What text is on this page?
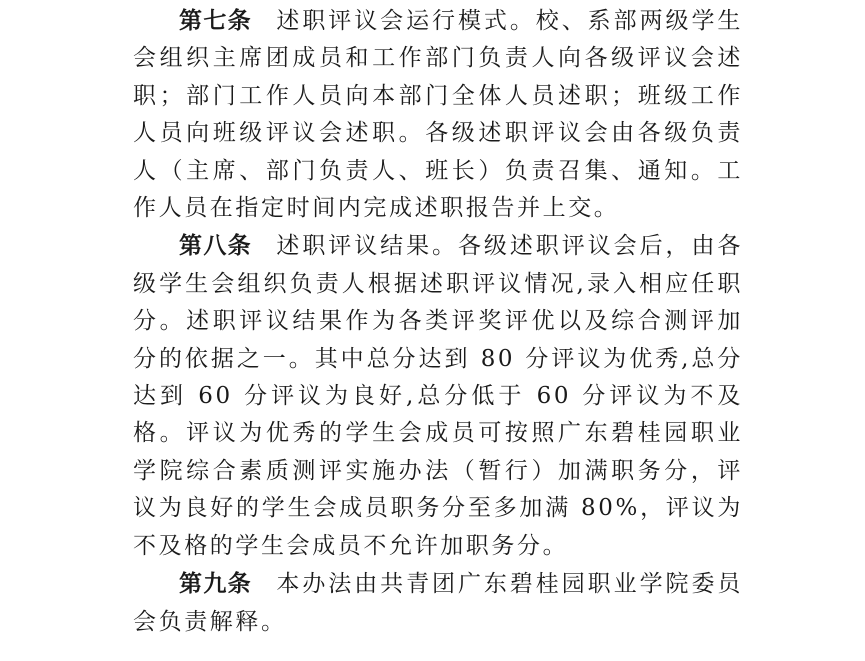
第七条 述职评议会运行模式。校、系部两级学生会组织主席团成员和工作部门负责人向各级评议会述职；部门工作人员向本部门全体人员述职；班级工作人员向班级评议会述职。各级述职评议会由各级负责人（主席、部门负责人、班长）负责召集、通知。工作人员在指定时间内完成述职报告并上交。

第八条 述职评议结果。各级述职评议会后，由各级学生会组织负责人根据述职评议情况,录入相应任职分。述职评议结果作为各类评奖评优以及综合测评加分的依据之一。其中总分达到 80 分评议为优秀,总分达到 60 分评议为良好,总分低于 60 分评议为不及格。评议为优秀的学生会成员可按照广东碧桂园职业学院综合素质测评实施办法（暂行）加满职务分，评议为良好的学生会成员职务分至多加满 80%，评议为不及格的学生会成员不允许加职务分。

第九条 本办法由共青团广东碧桂园职业学院委员会负责解释。
